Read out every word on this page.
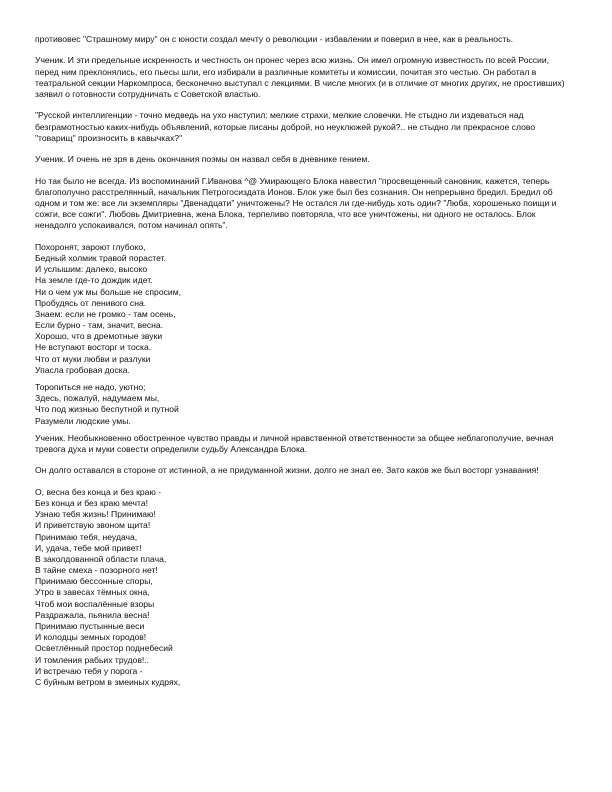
противовес "Страшному миру" он с юности создал мечту о революции - избавлении и поверил в нее, как в реальность.

Ученик. И эти предельные искренность и честность он пронес через всю жизнь. Он имел огромную известность по всей России, перед ним преклонялись, его пьесы шли, его избирали в различные комитеты и комиссии, почитая это честью. Он работал в театральной секции Наркомпроса, бесконечно выступал с лекциями. В числе многих (и в отличие от многих других, не простивших) заявил о готовности сотрудничать с Советской властью.

"Русской интеллигенции - точно медведь на ухо наступил: мелкие страхи, мелкие словечки. Не стыдно ли издеваться над безграмотностью каких-нибудь объявлений, которые писаны доброй, но неуклюжей рукой?.. не стыдно ли прекрасное слово "товарищ" произносить в кавычках?"

Ученик. И очень не зря в день окончания поэмы он назвал себя в дневнике гением.

Но так было не всегда. Из воспоминаний Г.Иванова ^@ Умирающего Блока навестил "просвещенный сановник, кажется, теперь благополучно расстрелянный, начальник Петрогосиздата Ионов. Блок уже был без сознания. Он непрерывно бредил. Бредил об одном и том же: все ли экземпляры "Двенадцати" уничтожены? Не остался ли где-нибудь хоть один? "Люба, хорошенько поищи и сожги, все сожги". Любовь Дмитриевна, жена Блока, терпеливо повторяла, что все уничтожены, ни одного не осталось. Блок ненадолго успокаивался, потом начинал опять".

Похоронят, зароют глубоко,
Бедный холмик травой порастет.
И услышим: далеко, высоко
На земле где-то дождик идет.
Ни о чем уж мы больше не спросим,
Пробудясь от ленивого сна.
Знаем: если не громко - там осень,
Если бурно - там, значит, весна.
Хорошо, что в дремотные звуки
Не вступают восторг и тоска.
Что от муки любви и разлуки
Упасла гробовая доска.
Торопиться не надо, уютно;
Здесь, пожалуй, надумаем мы,
Что под жизнью беспутной и путной
Разумели людские умы.

Ученик. Необыкновенно обостренное чувство правды и личной нравственной ответственности за общее неблагополучие, вечная тревога духа и муки совести определили судьбу Александра Блока.

Он долго оставался в стороне от истинной, а не придуманной жизни, долго не знал ее. Зато каков же был восторг узнавания!

О, весна без конца и без краю -
Без конца и без краю мечта!
Узнаю тебя жизнь! Принимаю!
И приветствую звоном щита!
Принимаю тебя, неудача,
И, удача, тебе мой привет!
В заколдованной области плача,
В тайне смеха - позорного нет!
Принимаю бессонные споры,
Утро в завесах тёмных окна,
Чтоб мои воспалённые взоры
Раздражала, пьянила весна!
Принимаю пустынные веси
И колодцы земных городов!
Осветлённый простор поднебесий
И томления рабьих трудов!..
И встречаю тебя у порога -
С буйным ветром в змеиных кудрях,
